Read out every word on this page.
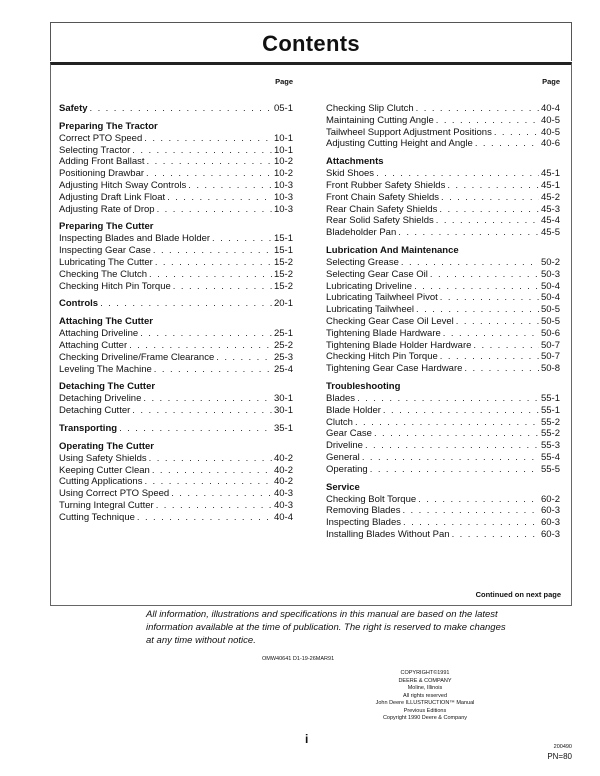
Contents
Page
Safety . . .	05-1
Preparing The Tractor
Correct PTO Speed . . .	10-1
Selecting Tractor . . .	10-1
Adding Front Ballast . . .	10-2
Positioning Drawbar . . .	10-2
Adjusting Hitch Sway Controls . . .	10-3
Adjusting Draft Link Float . . .	10-3
Adjusting Rate of Drop . . .	10-3
Preparing The Cutter
Inspecting Blades and Blade Holder . . .	15-1
Inspecting Gear Case . . .	15-1
Lubricating The Cutter . . .	15-2
Checking The Clutch . . .	15-2
Checking Hitch Pin Torque . . .	15-2
Controls . . .	20-1
Attaching The Cutter
Attaching Driveline . . .	25-1
Attaching Cutter . . .	25-2
Checking Driveline/Frame Clearance . . .	25-3
Leveling The Machine . . .	25-4
Detaching The Cutter
Detaching Driveline . . .	30-1
Detaching Cutter . . .	30-1
Transporting . . .	35-1
Operating The Cutter
Using Safety Shields . . .	40-2
Keeping Cutter Clean . . .	40-2
Cutting Applications . . .	40-2
Using Correct PTO Speed . . .	40-3
Turning Integral Cutter . . .	40-3
Cutting Technique . . .	40-4
Page
Checking Slip Clutch . . .	40-4
Maintaining Cutting Angle . . .	40-5
Tailwheel Support Adjustment Positions . . .	40-5
Adjusting Cutting Height and Angle . . .	40-6
Attachments
Skid Shoes . . .	45-1
Front Rubber Safety Shields . . .	45-1
Front Chain Safety Shields . . .	45-2
Rear Chain Safety Shields . . .	45-3
Rear Solid Safety Shields . . .	45-4
Bladeholder Pan . . .	45-5
Lubrication And Maintenance
Selecting Grease . . .	50-2
Selecting Gear Case Oil . . .	50-3
Lubricating Driveline . . .	50-4
Lubricating Tailwheel Pivot . . .	50-4
Lubricating Tailwheel . . .	50-5
Checking Gear Case Oil Level . . .	50-5
Tightening Blade Hardware . . .	50-6
Tightening Blade Holder Hardware . . .	50-7
Checking Hitch Pin Torque . . .	50-7
Tightening Gear Case Hardware . . .	50-8
Troubleshooting
Blades . . .	55-1
Blade Holder . . .	55-1
Clutch . . .	55-2
Gear Case . . .	55-2
Driveline . . .	55-3
General . . .	55-4
Operating . . .	55-5
Service
Checking Bolt Torque . . .	60-2
Removing Blades . . .	60-3
Inspecting Blades . . .	60-3
Installing Blades Without Pan . . .	60-3
Continued on next page
All information, illustrations and specifications in this manual are based on the latest information available at the time of publication. The right is reserved to make changes at any time without notice.
OMW40641 D1-19-26MAR91
COPYRIGHT©1991
DEERE & COMPANY
Moline, Illinois
All rights reserved
John Deere ILLUSTRUCTION™ Manual
Previous Editions
Copyright 1990 Deere & Company
i
200490
PN=80
